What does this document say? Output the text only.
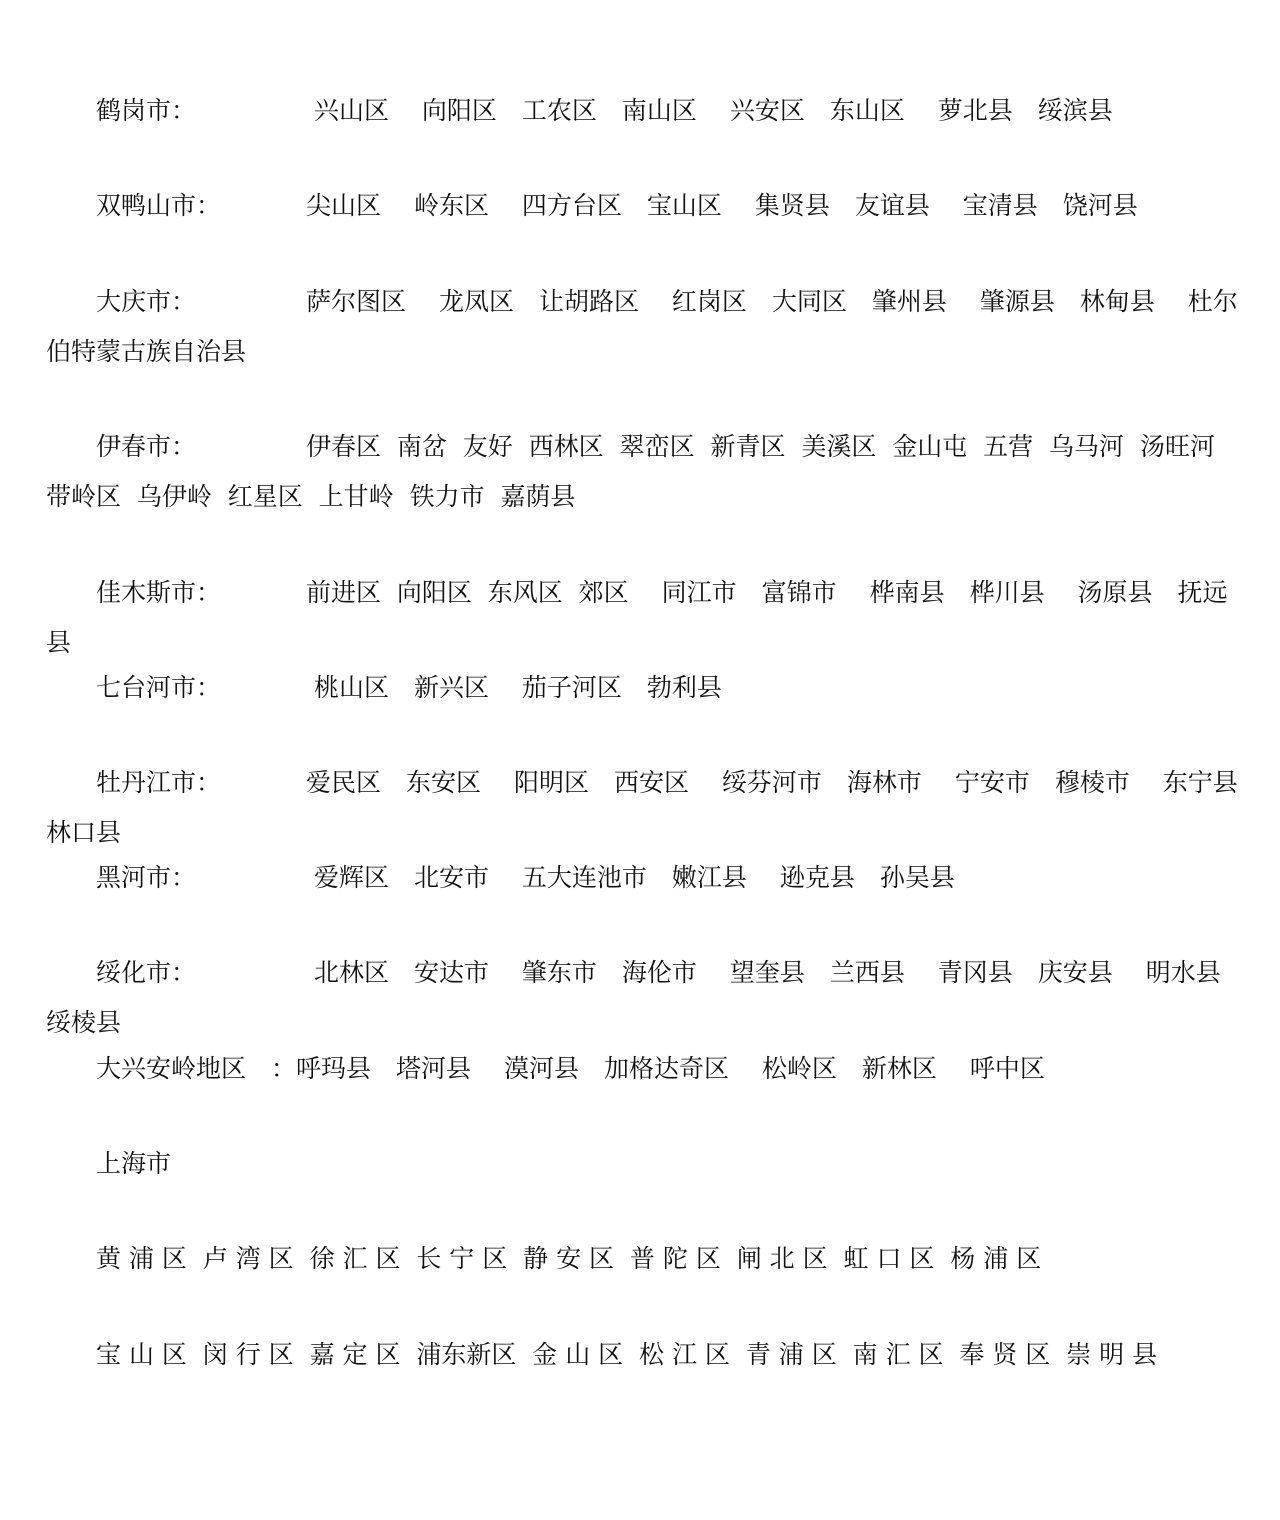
鹤岗市：	兴山区　 向阳区　工农区　南山区　 兴安区　东山区　 萝北县　绥滨县

双鸭山市：	尖山区　 岭东区　 四方台区　宝山区　 集贤县　友谊县　 宝清县　饶河县

大庆市：	萨尔图区　 龙凤区　让胡路区　 红岗区　大同区　肇州县　 肇源县　林甸县　 杜尔伯特蒙古族自治县

伊春市：	伊春区  南岔  友好  西林区  翠峦区  新青区  美溪区  金山屯  五营  乌马河  汤旺河  带岭区  乌伊岭  红星区  上甘岭  铁力市  嘉荫县

佳木斯市：	前进区  向阳区  东风区  郊区　 同江市　富锦市　 桦南县　桦川县　 汤原县　抚远县

七台河市：	桃山区　新兴区　 茄子河区　勃利县

牡丹江市：	爱民区　东安区　 阳明区　西安区　 绥芬河市　海林市　 宁安市　穆棱市　 东宁县　林口县

黑河市：	爱辉区　北安市　 五大连池市　嫩江县　 逊克县　孙吴县

绥化市：	北林区　安达市　 肇东市　海伦市　 望奎县　兰西县　 青冈县　庆安县　 明水县　绥棱县

大兴安岭地区　：呼玛县　塔河县　 漠河县　加格达奇区　 松岭区　新林区　 呼中区

上海市

黄 浦 区  卢 湾 区  徐 汇 区  长 宁 区  静 安 区  普 陀 区  闸 北 区  虹 口 区  杨 浦 区

宝 山 区  闵 行 区  嘉 定 区  浦东新区  金 山 区  松 江 区  青 浦 区  南 汇 区  奉 贤 区  崇 明 县
